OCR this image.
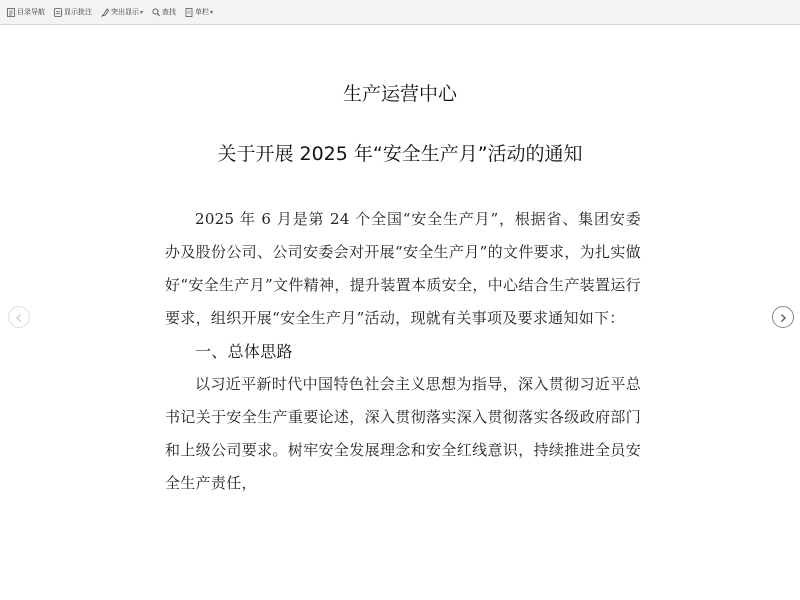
目录导航	显示批注	突出显示 ▾	查找	单栏 ▾
生产运营中心
关于开展 2025 年“安全生产月”活动的通知

2025 年 6 月是第 24 个全国“安全生产月”，根据省、集团安委办及股份公司、公司安委会对开展“安全生产月”的文件要求，为扎实做好“安全生产月”文件精神，提升装置本质安全，中心结合生产装置运行要求，组织开展“安全生产月”活动，现就有关事项及要求通知如下：

一、总体思路

以习近平新时代中国特色社会主义思想为指导，深入贯彻习近平总书记关于安全生产重要论述，深入贯彻落实深入贯彻落实各级政府部门和上级公司要求。树牢安全发展理念和安全红线意识，持续推进全员安全生产责任，
